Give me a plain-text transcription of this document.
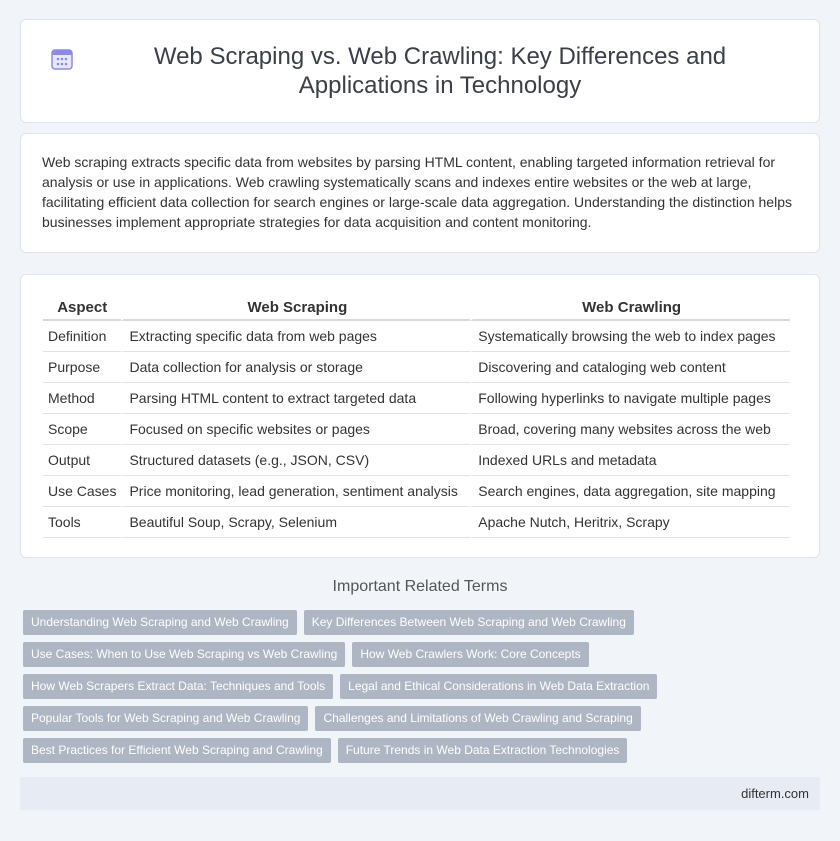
Web Scraping vs. Web Crawling: Key Differences and Applications in Technology

Web scraping extracts specific data from websites by parsing HTML content, enabling targeted information retrieval for analysis or use in applications. Web crawling systematically scans and indexes entire websites or the web at large, facilitating efficient data collection for search engines or large-scale data aggregation. Understanding the distinction helps businesses implement appropriate strategies for data acquisition and content monitoring.

Aspect	Web Scraping	Web Crawling
Definition	Extracting specific data from web pages	Systematically browsing the web to index pages
Purpose	Data collection for analysis or storage	Discovering and cataloging web content
Method	Parsing HTML content to extract targeted data	Following hyperlinks to navigate multiple pages
Scope	Focused on specific websites or pages	Broad, covering many websites across the web
Output	Structured datasets (e.g., JSON, CSV)	Indexed URLs and metadata
Use Cases	Price monitoring, lead generation, sentiment analysis	Search engines, data aggregation, site mapping
Tools	Beautiful Soup, Scrapy, Selenium	Apache Nutch, Heritrix, Scrapy
Important Related Terms
Understanding Web Scraping and Web Crawling	Key Differences Between Web Scraping and Web Crawling
Use Cases: When to Use Web Scraping vs Web Crawling	How Web Crawlers Work: Core Concepts
How Web Scrapers Extract Data: Techniques and Tools	Legal and Ethical Considerations in Web Data Extraction
Popular Tools for Web Scraping and Web Crawling	Challenges and Limitations of Web Crawling and Scraping
Best Practices for Efficient Web Scraping and Crawling	Future Trends in Web Data Extraction Technologies
difterm.com
